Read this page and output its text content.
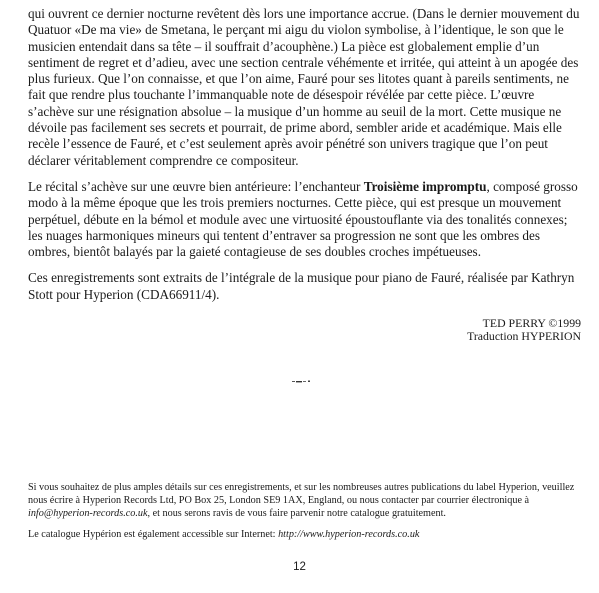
qui ouvrent ce dernier nocturne revêtent dès lors une importance accrue. (Dans le dernier mouvement du Quatuor «De ma vie» de Smetana, le perçant mi aigu du violon symbolise, à l’identique, le son que le musicien entendait dans sa tête – il souffrait d’acouphène.) La pièce est globalement emplie d’un sentiment de regret et d’adieu, avec une section centrale véhémente et irritée, qui atteint à un apogée des plus furieux. Que l’on connaisse, et que l’on aime, Fauré pour ses litotes quant à pareils sentiments, ne fait que rendre plus touchante l’immanquable note de désespoir révélée par cette pièce. L’œuvre s’achève sur une résignation absolue – la musique d’un homme au seuil de la mort. Cette musique ne dévoile pas facilement ses secrets et pourrait, de prime abord, sembler aride et académique. Mais elle recèle l’essence de Fauré, et c’est seulement après avoir pénétré son univers tragique que l’on peut déclarer véritablement comprendre ce compositeur.

Le récital s’achève sur une œuvre bien antérieure: l’enchanteur Troisième impromptu, composé grosso modo à la même époque que les trois premiers nocturnes. Cette pièce, qui est presque un mouvement perpétuel, débute en la bémol et module avec une virtuosité époustouflante via des tonalités connexes; les nuages harmoniques mineurs qui tentent d’entraver sa progression ne sont que les ombres des ombres, bientôt balayés par la gaieté contagieuse de ses doubles croches impétueuses.

Ces enregistrements sont extraits de l’intégrale de la musique pour piano de Fauré, réalisée par Kathryn Stott pour Hyperion (CDA66911/4).

TED PERRY ©1999
Traduction HYPERION

Si vous souhaitez de plus amples détails sur ces enregistrements, et sur les nombreuses autres publications du label Hyperion, veuillez nous écrire à Hyperion Records Ltd, PO Box 25, London SE9 1AX, England, ou nous contacter par courrier électronique à info@hyperion-records.co.uk, et nous serons ravis de vous faire parvenir notre catalogue gratuitement.

Le catalogue Hypérion est également accessible sur Internet: http://www.hyperion-records.co.uk

12
